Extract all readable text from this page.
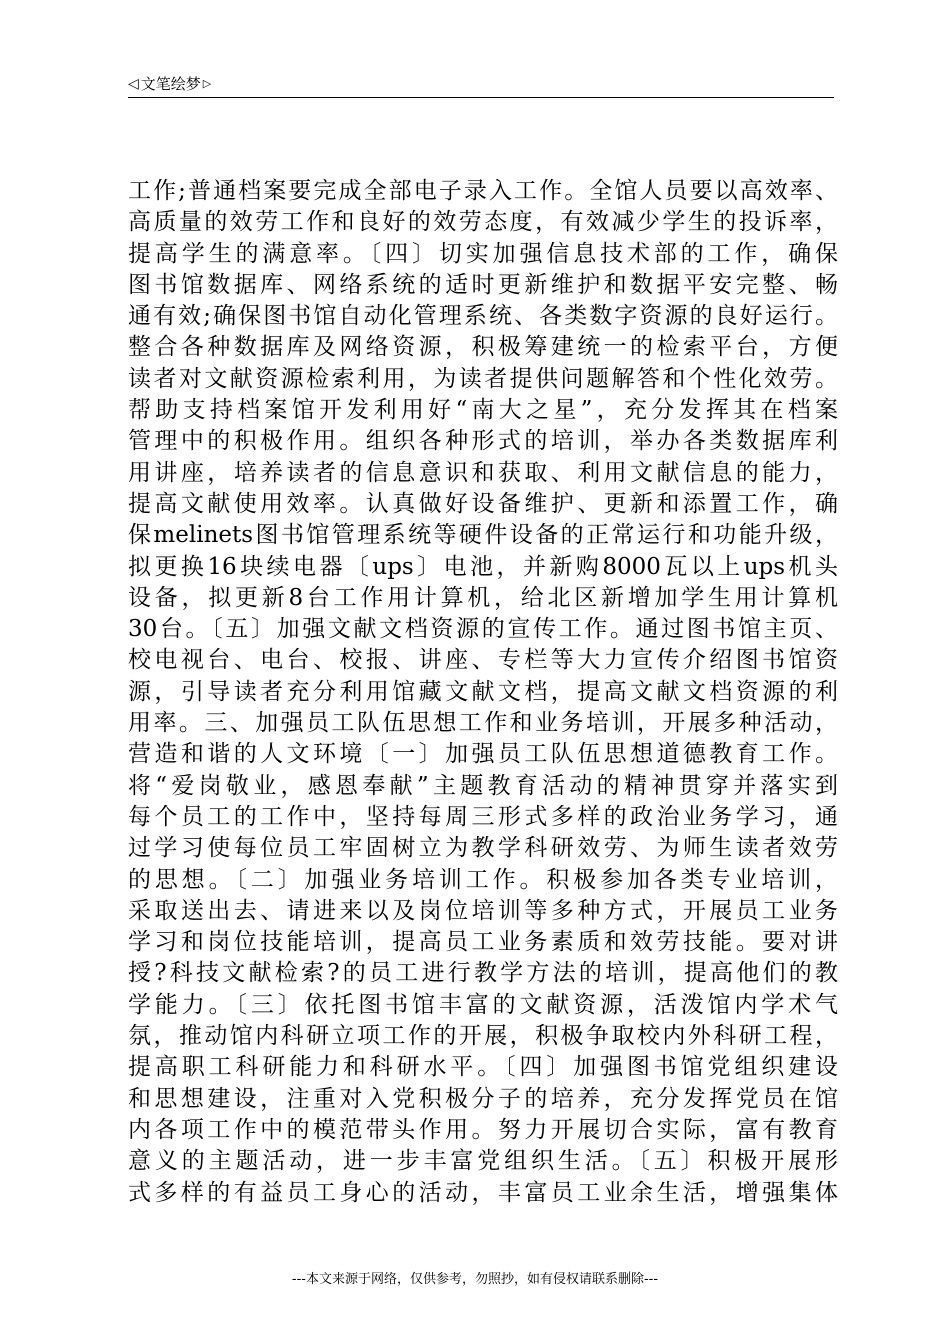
◁ 文笔绘梦 ▷
工作;普通档案要完成全部电子录入工作。全馆人员要以高效率、
高质量的效劳工作和良好的效劳态度，有效减少学生的投诉率，
提高学生的满意率。〔四〕切实加强信息技术部的工作，确保
图书馆数据库、网络系统的适时更新维护和数据平安完整、畅
通有效;确保图书馆自动化管理系统、各类数字资源的良好运行。
整合各种数据库及网络资源，积极筹建统一的检索平台，方便
读者对文献资源检索利用，为读者提供问题解答和个性化效劳。
帮助支持档案馆开发利用好“南大之星”，充分发挥其在档案
管理中的积极作用。组织各种形式的培训，举办各类数据库利
用讲座，培养读者的信息意识和获取、利用文献信息的能力，
提高文献使用效率。认真做好设备维护、更新和添置工作，确
保melinets图书馆管理系统等硬件设备的正常运行和功能升级，
拟更换16块续电器〔ups〕电池，并新购8000瓦以上ups机头
设备，拟更新8台工作用计算机，给北区新增加学生用计算机
30台。〔五〕加强文献文档资源的宣传工作。通过图书馆主页、
校电视台、电台、校报、讲座、专栏等大力宣传介绍图书馆资
源，引导读者充分利用馆藏文献文档，提高文献文档资源的利
用率。三、加强员工队伍思想工作和业务培训，开展多种活动，
营造和谐的人文环境〔一〕加强员工队伍思想道德教育工作。
将“爱岗敬业，感恩奉献”主题教育活动的精神贯穿并落实到
每个员工的工作中，坚持每周三形式多样的政治业务学习，通
过学习使每位员工牢固树立为教学科研效劳、为师生读者效劳
的思想。〔二〕加强业务培训工作。积极参加各类专业培训，
采取送出去、请进来以及岗位培训等多种方式，开展员工业务
学习和岗位技能培训，提高员工业务素质和效劳技能。要对讲
授?科技文献检索?的员工进行教学方法的培训，提高他们的教
学能力。〔三〕依托图书馆丰富的文献资源，活泼馆内学术气
氛，推动馆内科研立项工作的开展，积极争取校内外科研工程，
提高职工科研能力和科研水平。〔四〕加强图书馆党组织建设
和思想建设，注重对入党积极分子的培养，充分发挥党员在馆
内各项工作中的模范带头作用。努力开展切合实际，富有教育
意义的主题活动，进一步丰富党组织生活。〔五〕积极开展形
式多样的有益员工身心的活动，丰富员工业余生活，增强集体
---本文来源于网络，仅供参考，勿照抄，如有侵权请联系删除---
